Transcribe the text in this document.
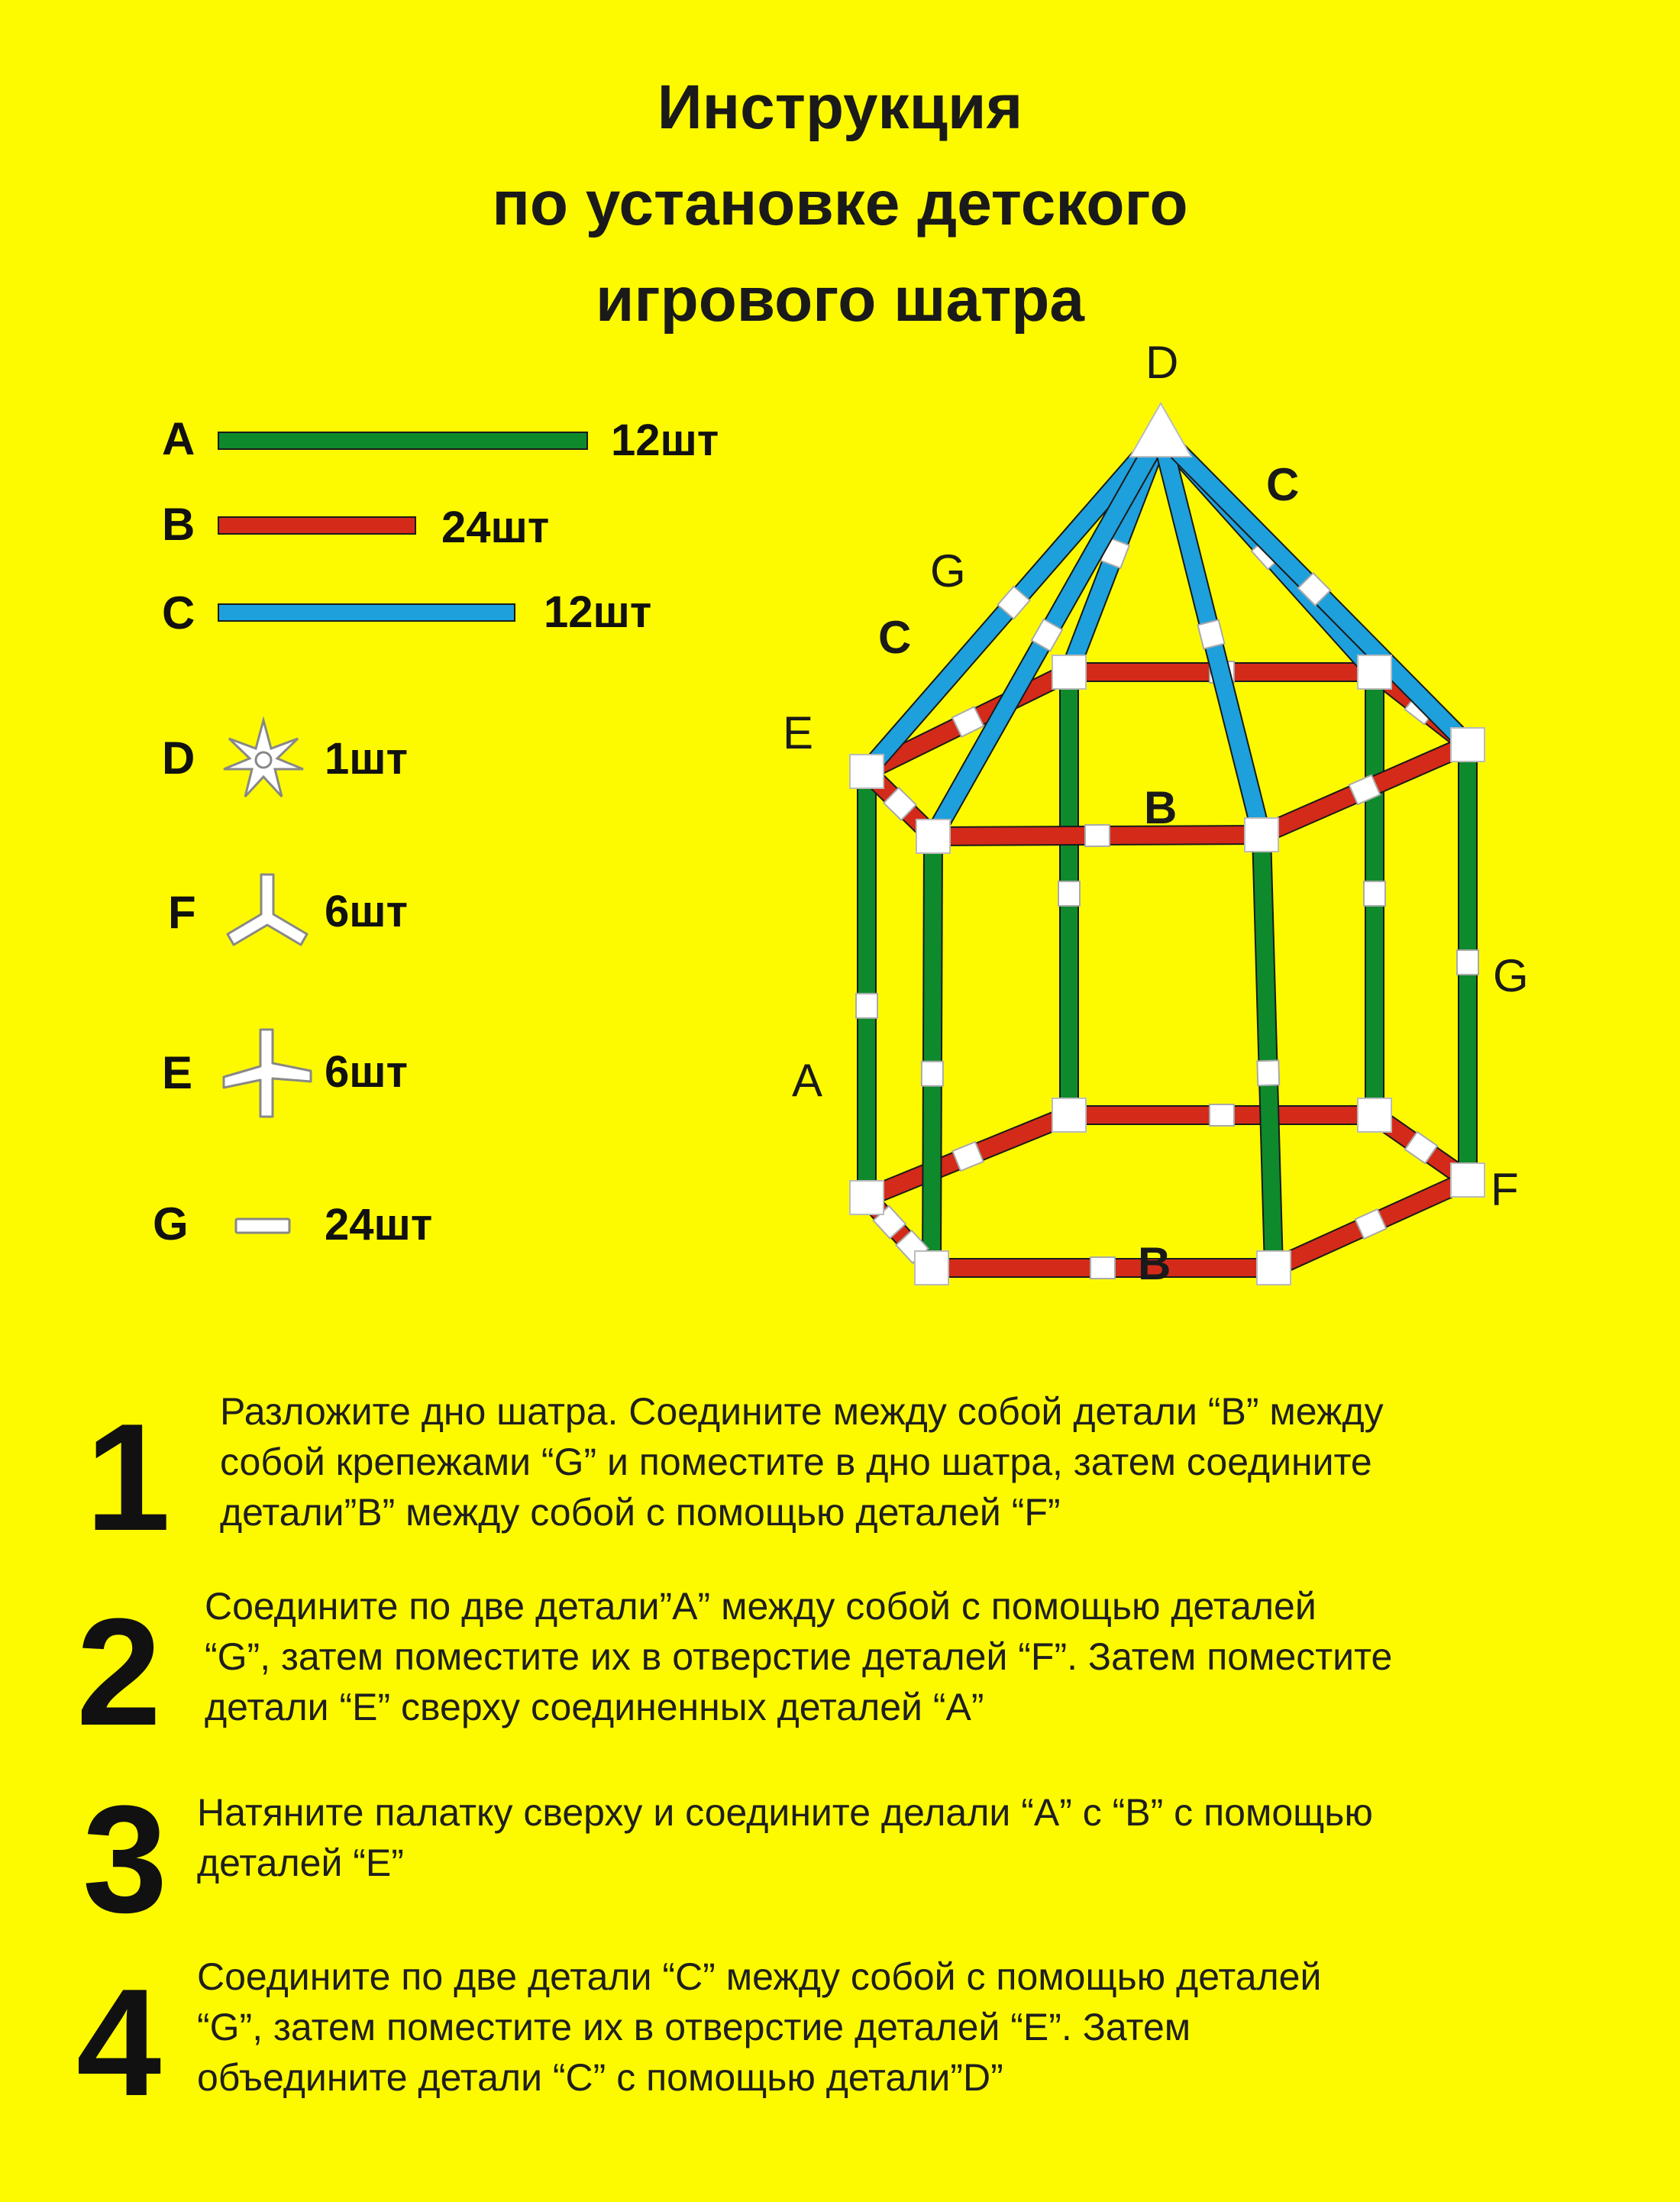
Инструкция
по установке детского
игрового шатра
A	12шт
B	24шт
C	12шт
D	1шт
F	6шт
E	6шт
G	24шт
D
C
G
C
E
B
G
A
F
B
1 Разложите дно шатра. Соедините между собой детали “B” между
собой крепежами “G” и поместите в дно шатра, затем соедините
детали”B” между собой с помощью деталей “F”
2 Соедините по две детали”A” между собой с помощью деталей
“G”, затем поместите их в отверстие деталей “F”. Затем поместите
детали “E” сверху соединенных деталей “A”
3 Натяните палатку сверху и соедините делали “A” с “B” с помощью
деталей “E”
4 Соедините по две детали “C” между собой с помощью деталей
“G”, затем поместите их в отверстие деталей “E”. Затем
объедините детали “C” с помощью детали”D”
